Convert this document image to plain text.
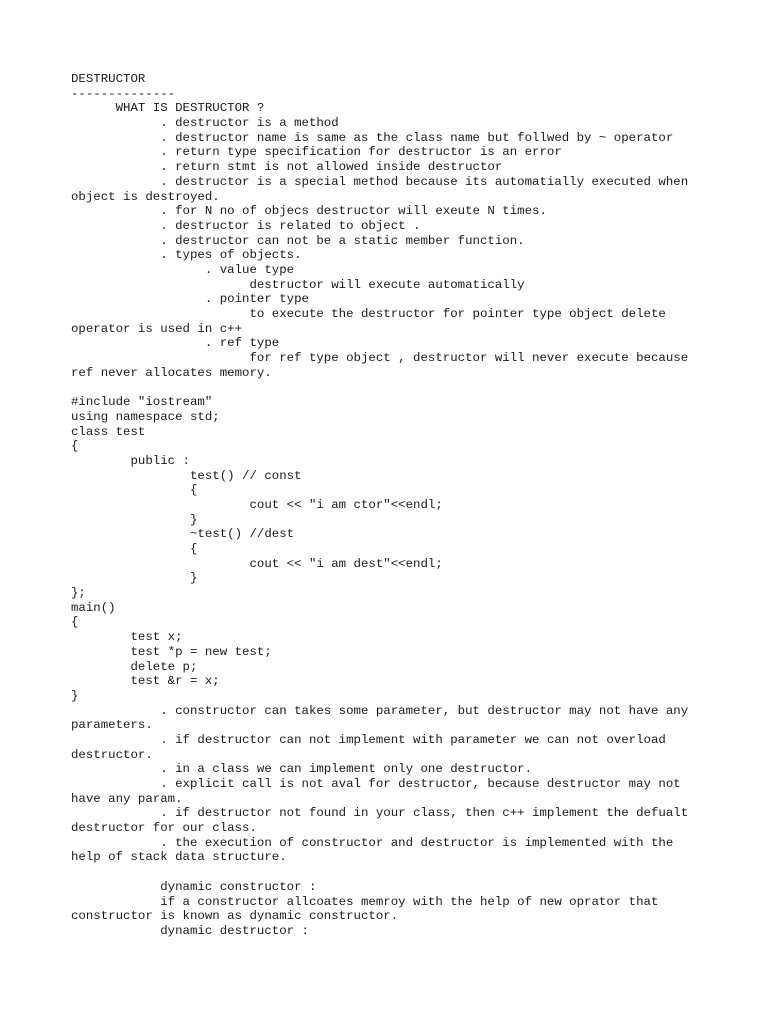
DESTRUCTOR
--------------
WHAT IS DESTRUCTOR ?
. destructor is a method
. destructor name is same as the class name but follwed by ~ operator
. return type specification for destructor is an error
. return stmt is not allowed inside destructor
. destructor is a special method because its automatially executed when
object is destroyed.
. for N no of objecs destructor will exeute N times.
. destructor is related to object .
. destructor can not be a static member function.
. types of objects.
. value type
destructor will execute automatically
. pointer type
to execute the destructor for pointer type object delete
operator is used in c++
. ref type
for ref type object , destructor will never execute because
ref never allocates memory.

#include "iostream"
using namespace std;
class test
{
public :
test() // const
{
cout << "i am ctor"<<endl;
}
~test() //dest
{
cout << "i am dest"<<endl;
}
};
main()
{
test x;
test *p = new test;
delete p;
test &r = x;
}
. constructor can takes some parameter, but destructor may not have any
parameters.
. if destructor can not implement with parameter we can not overload
destructor.
. in a class we can implement only one destructor.
. explicit call is not aval for destructor, because destructor may not
have any param.
. if destructor not found in your class, then c++ implement the defualt
destructor for our class.
. the execution of constructor and destructor is implemented with the
help of stack data structure.

dynamic constructor :
if a constructor allcoates memroy with the help of new oprator that
constructor is known as dynamic constructor.
dynamic destructor :
